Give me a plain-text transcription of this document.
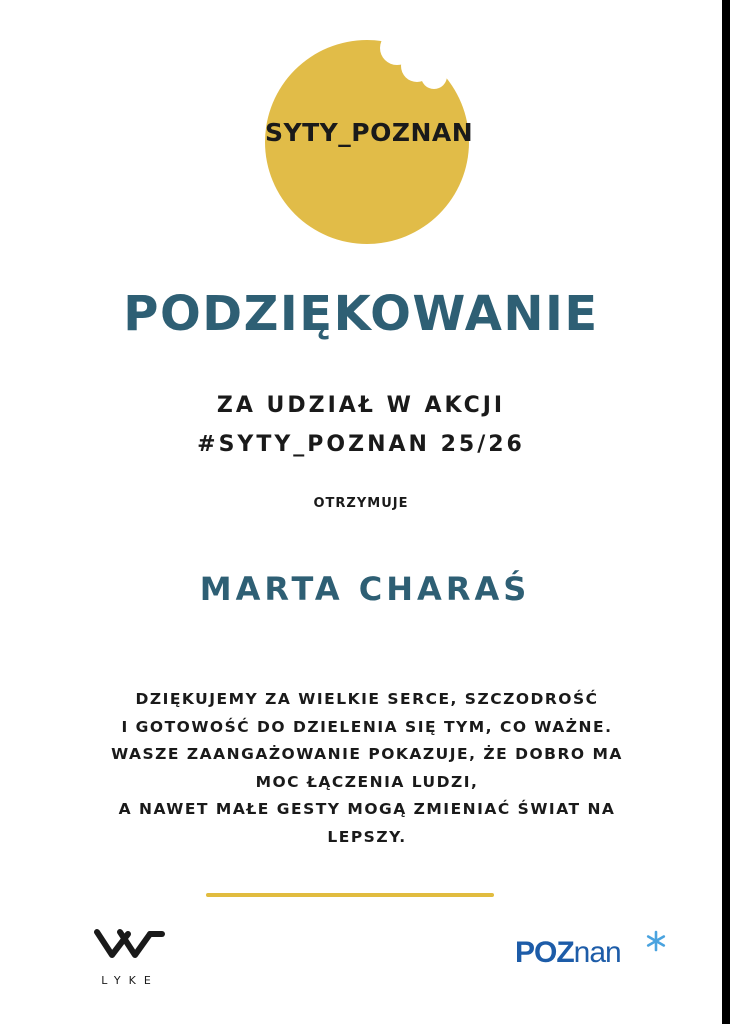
SYTY_POZNAN
PODZIĘKOWANIE
ZA UDZIAŁ W AKCJI
#SYTY_POZNAN 25/26
OTRZYMUJE
MARTA CHARAŚ
DZIĘKUJEMY ZA WIELKIE SERCE, SZCZODROŚĆ
I GOTOWOŚĆ DO DZIELENIA SIĘ TYM, CO WAŻNE.
WASZE ZAANGAŻOWANIE POKAZUJE, ŻE DOBRO MA
MOC ŁĄCZENIA LUDZI,
A NAWET MAŁE GESTY MOGĄ ZMIENIAĆ ŚWIAT NA
LEPSZY.
LYKE
POZnan
